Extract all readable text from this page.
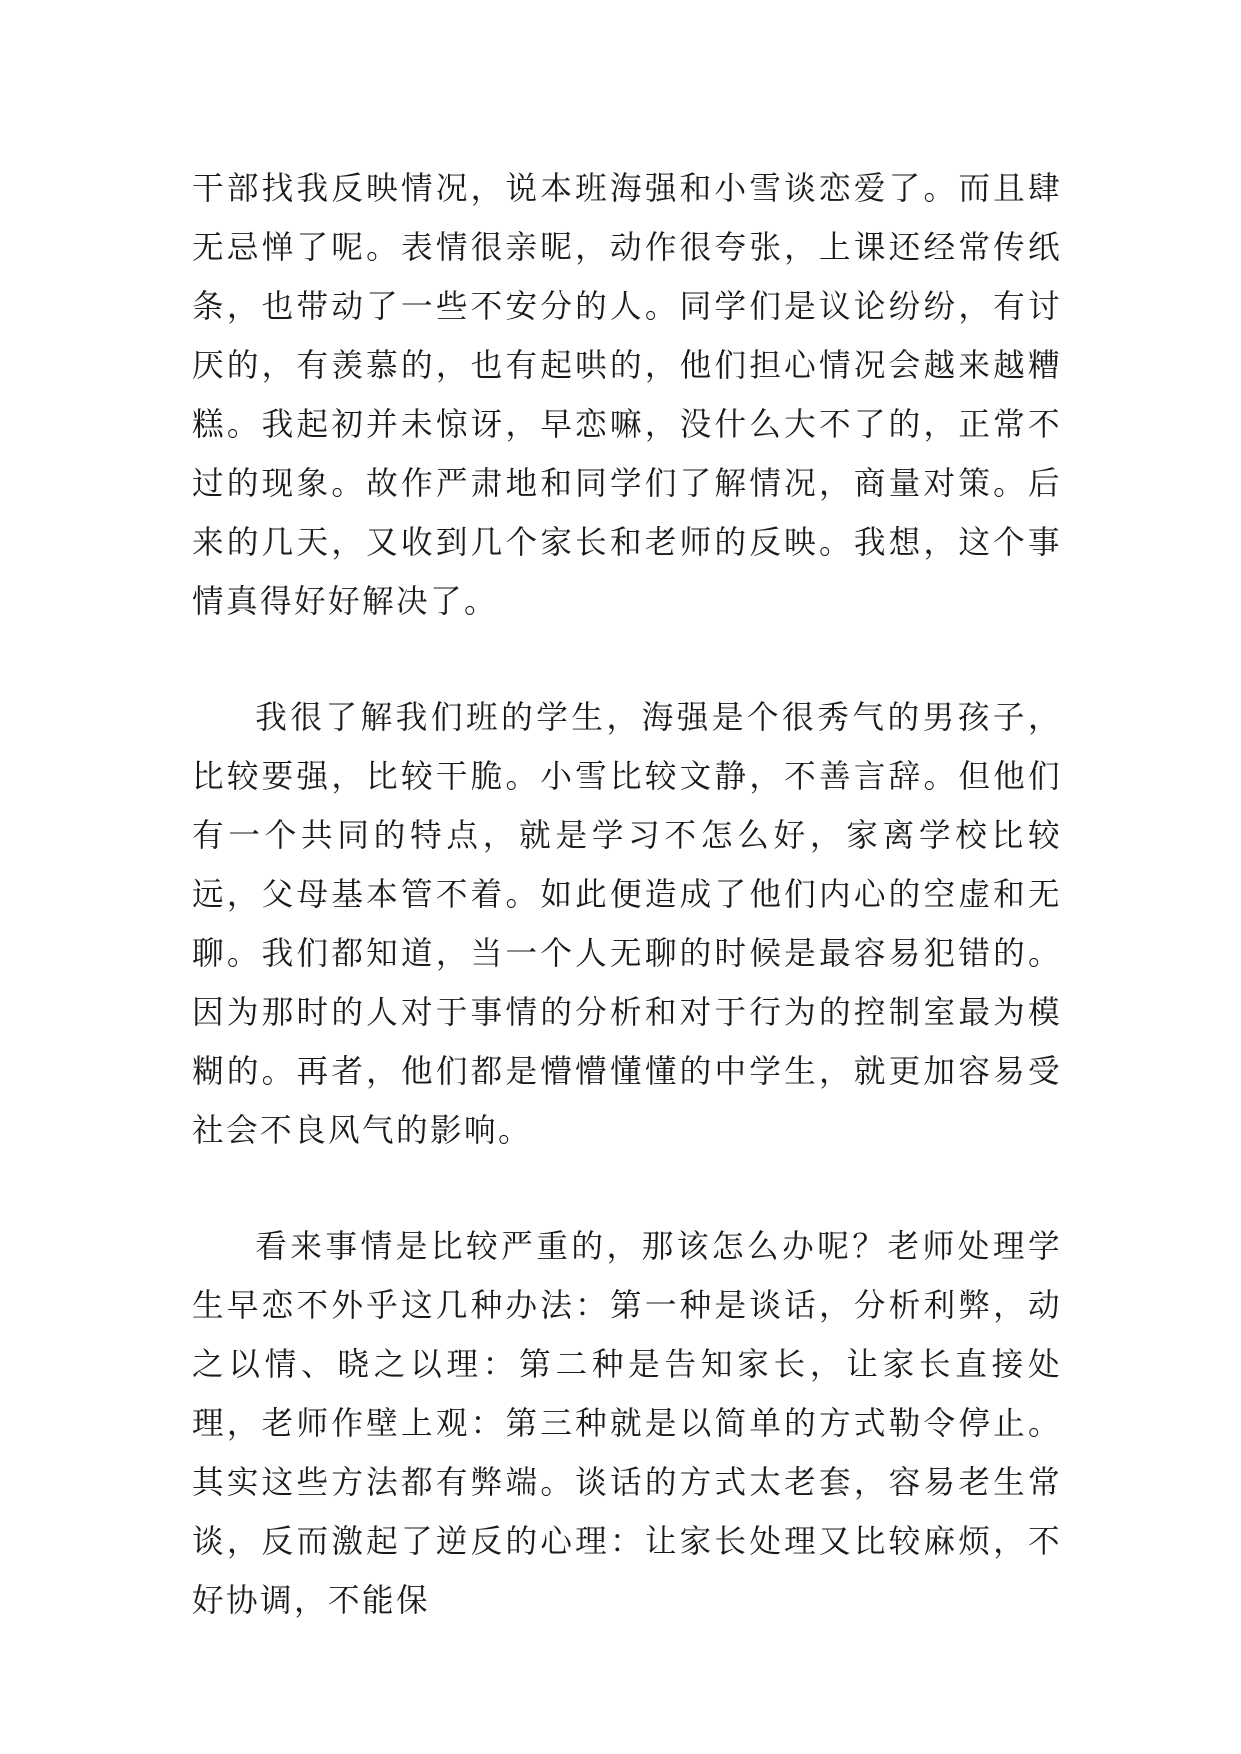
干部找我反映情况，说本班海强和小雪谈恋爱了。而且肆无忌惮了呢。表情很亲昵，动作很夸张，上课还经常传纸条，也带动了一些不安分的人。同学们是议论纷纷，有讨厌的，有羡慕的，也有起哄的，他们担心情况会越来越糟糕。我起初并未惊讶，早恋嘛，没什么大不了的，正常不过的现象。故作严肃地和同学们了解情况，商量对策。后来的几天，又收到几个家长和老师的反映。我想，这个事情真得好好解决了。

我很了解我们班的学生，海强是个很秀气的男孩子，比较要强，比较干脆。小雪比较文静，不善言辞。但他们有一个共同的特点，就是学习不怎么好，家离学校比较远，父母基本管不着。如此便造成了他们内心的空虚和无聊。我们都知道，当一个人无聊的时候是最容易犯错的。因为那时的人对于事情的分析和对于行为的控制室最为模糊的。再者，他们都是懵懵懂懂的中学生，就更加容易受社会不良风气的影响。

看来事情是比较严重的，那该怎么办呢？老师处理学生早恋不外乎这几种办法：第一种是谈话，分析利弊，动之以情、晓之以理：第二种是告知家长，让家长直接处理，老师作壁上观：第三种就是以简单的方式勒令停止。其实这些方法都有弊端。谈话的方式太老套，容易老生常谈，反而激起了逆反的心理：让家长处理又比较麻烦，不好协调，不能保
